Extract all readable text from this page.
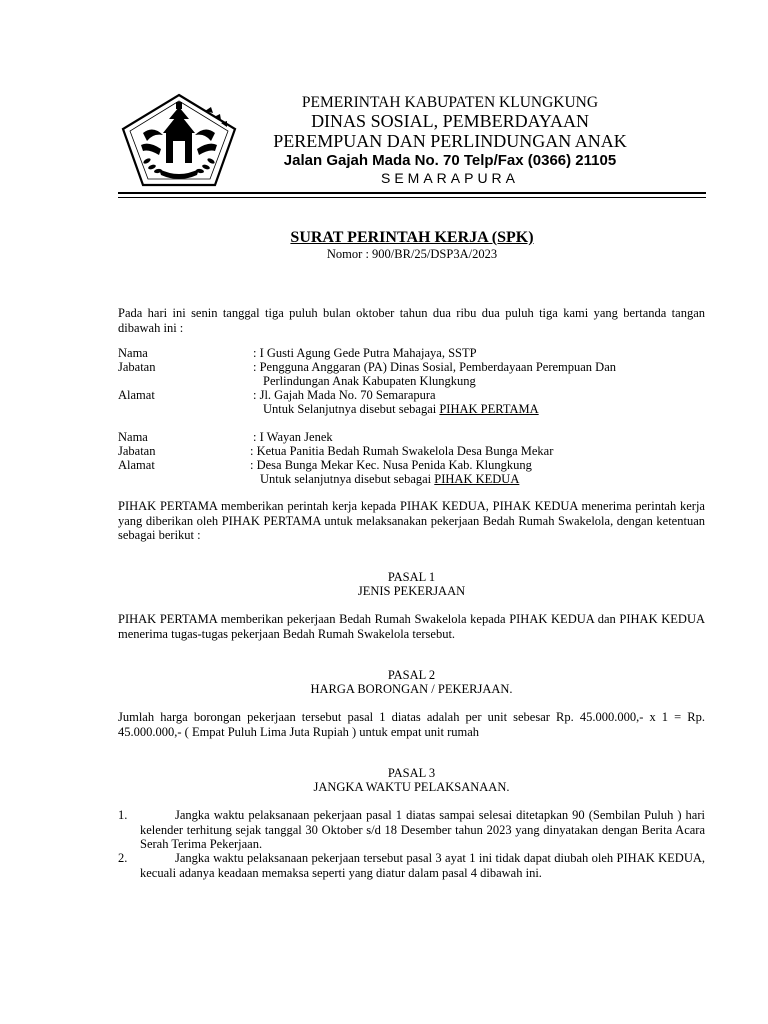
PEMERINTAH KABUPATEN KLUNGKUNG
DINAS SOSIAL, PEMBERDAYAAN
PEREMPUAN DAN PERLINDUNGAN ANAK
Jalan Gajah Mada No. 70 Telp/Fax (0366) 21105
SEMARAPURA
SURAT PERINTAH KERJA (SPK)
Nomor : 900/BR/25/DSP3A/2023
Pada hari ini senin tanggal tiga puluh bulan oktober tahun dua ribu dua puluh tiga kami yang bertanda tangan dibawah ini :
Nama	: I Gusti Agung Gede Putra Mahajaya, SSTP
Jabatan	: Pengguna Anggaran (PA) Dinas Sosial, Pemberdayaan Perempuan Dan
Perlindungan Anak Kabupaten Klungkung
Alamat	: Jl. Gajah Mada No. 70 Semarapura
Untuk Selanjutnya disebut sebagai PIHAK PERTAMA
Nama	: I Wayan Jenek
Jabatan	: Ketua Panitia Bedah Rumah Swakelola Desa Bunga Mekar
Alamat	: Desa Bunga Mekar Kec. Nusa Penida Kab. Klungkung
Untuk selanjutnya disebut sebagai PIHAK KEDUA
PIHAK PERTAMA memberikan perintah kerja kepada PIHAK KEDUA, PIHAK KEDUA menerima perintah kerja yang diberikan oleh PIHAK PERTAMA untuk melaksanakan pekerjaan Bedah Rumah Swakelola, dengan ketentuan sebagai berikut :
PASAL 1
JENIS PEKERJAAN
PIHAK PERTAMA memberikan pekerjaan Bedah Rumah Swakelola kepada PIHAK KEDUA dan PIHAK KEDUA menerima tugas-tugas pekerjaan Bedah Rumah Swakelola tersebut.
PASAL 2
HARGA BORONGAN / PEKERJAAN.
Jumlah harga borongan pekerjaan tersebut pasal 1 diatas adalah per unit sebesar Rp. 45.000.000,- x 1 = Rp. 45.000.000,- ( Empat Puluh Lima Juta Rupiah ) untuk empat unit rumah
PASAL 3
JANGKA WAKTU PELAKSANAAN.
1.	Jangka waktu pelaksanaan pekerjaan pasal 1 diatas sampai selesai ditetapkan 90 (Sembilan Puluh ) hari kelender terhitung sejak tanggal 30 Oktober s/d 18 Desember tahun 2023 yang dinyatakan dengan Berita Acara Serah Terima Pekerjaan.
2.	Jangka waktu pelaksanaan pekerjaan tersebut pasal 3 ayat 1 ini tidak dapat diubah oleh PIHAK KEDUA, kecuali adanya keadaan memaksa seperti yang diatur dalam pasal 4 dibawah ini.
